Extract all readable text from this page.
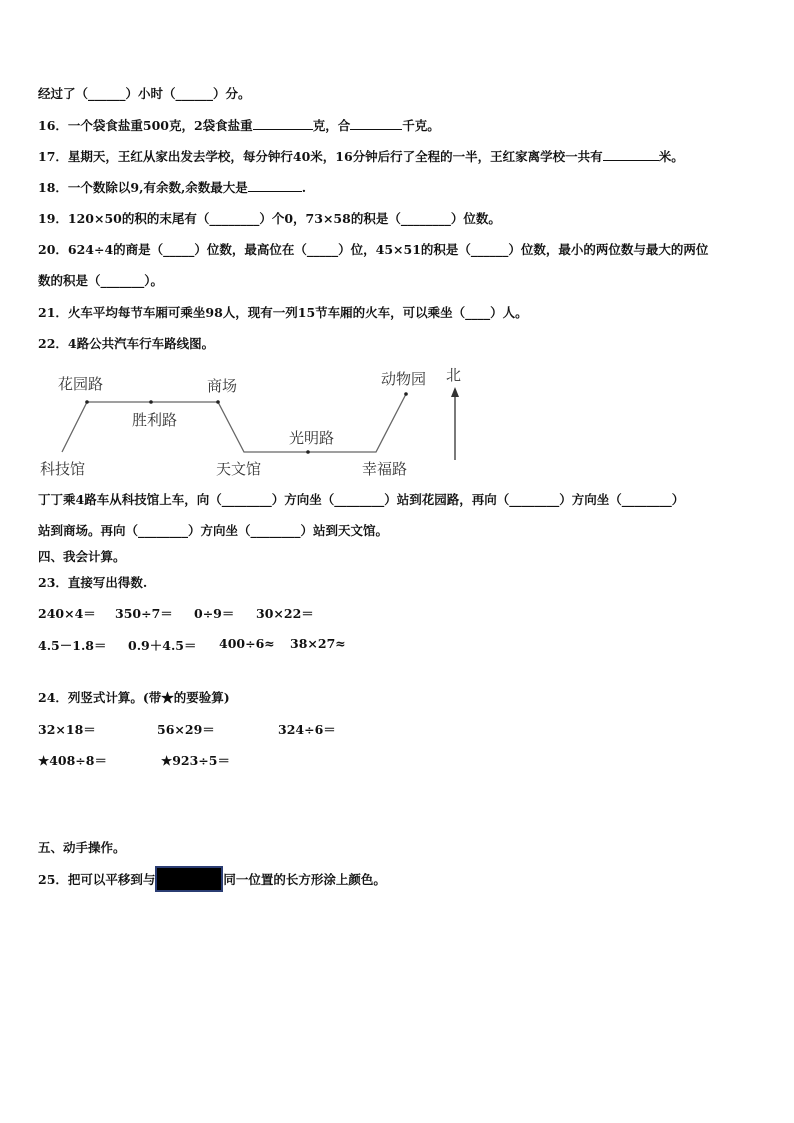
经过了（______）小时（______）分。
16．一个袋食盐重500克，2袋食盐重	克，合	千克。
17．星期天，王红从家出发去学校，每分钟行40米，16分钟后行了全程的一半，王红家离学校一共有	米。
18．一个数除以9,有余数,余数最大是	.
19．120×50的积的末尾有（________）个0，73×58的积是（________）位数。
20．624÷4的商是（_____）位数，最高位在（_____）位，45×51的积是（______）位数，最小的两位数与最大的两位
数的积是（_______）。
21．火车平均每节车厢可乘坐98人，现有一列15节车厢的火车，可以乘坐（____）人。
22．4路公共汽车行车路线图。
科技馆
花园路
胜利路
商场
天文馆
光明路
幸福路
动物园 北
丁丁乘4路车从科技馆上车，向（________）方向坐（________）站到花园路，再向（________）方向坐（________）
站到商场。再向（________）方向坐（________）站到天文馆。
四、我会计算。
23．直接写出得数.
240×4＝ 350÷7＝ 0÷9＝ 30×22＝
4.5－1.8＝ 0.9＋4.5＝ 400÷6≈ 38×27≈
24．列竖式计算。(带★的要验算)
32×18＝	56×29＝	324÷6＝
★408÷8＝	★923÷5＝
五、动手操作。
25．把可以平移到与	同一位置的长方形涂上颜色。
